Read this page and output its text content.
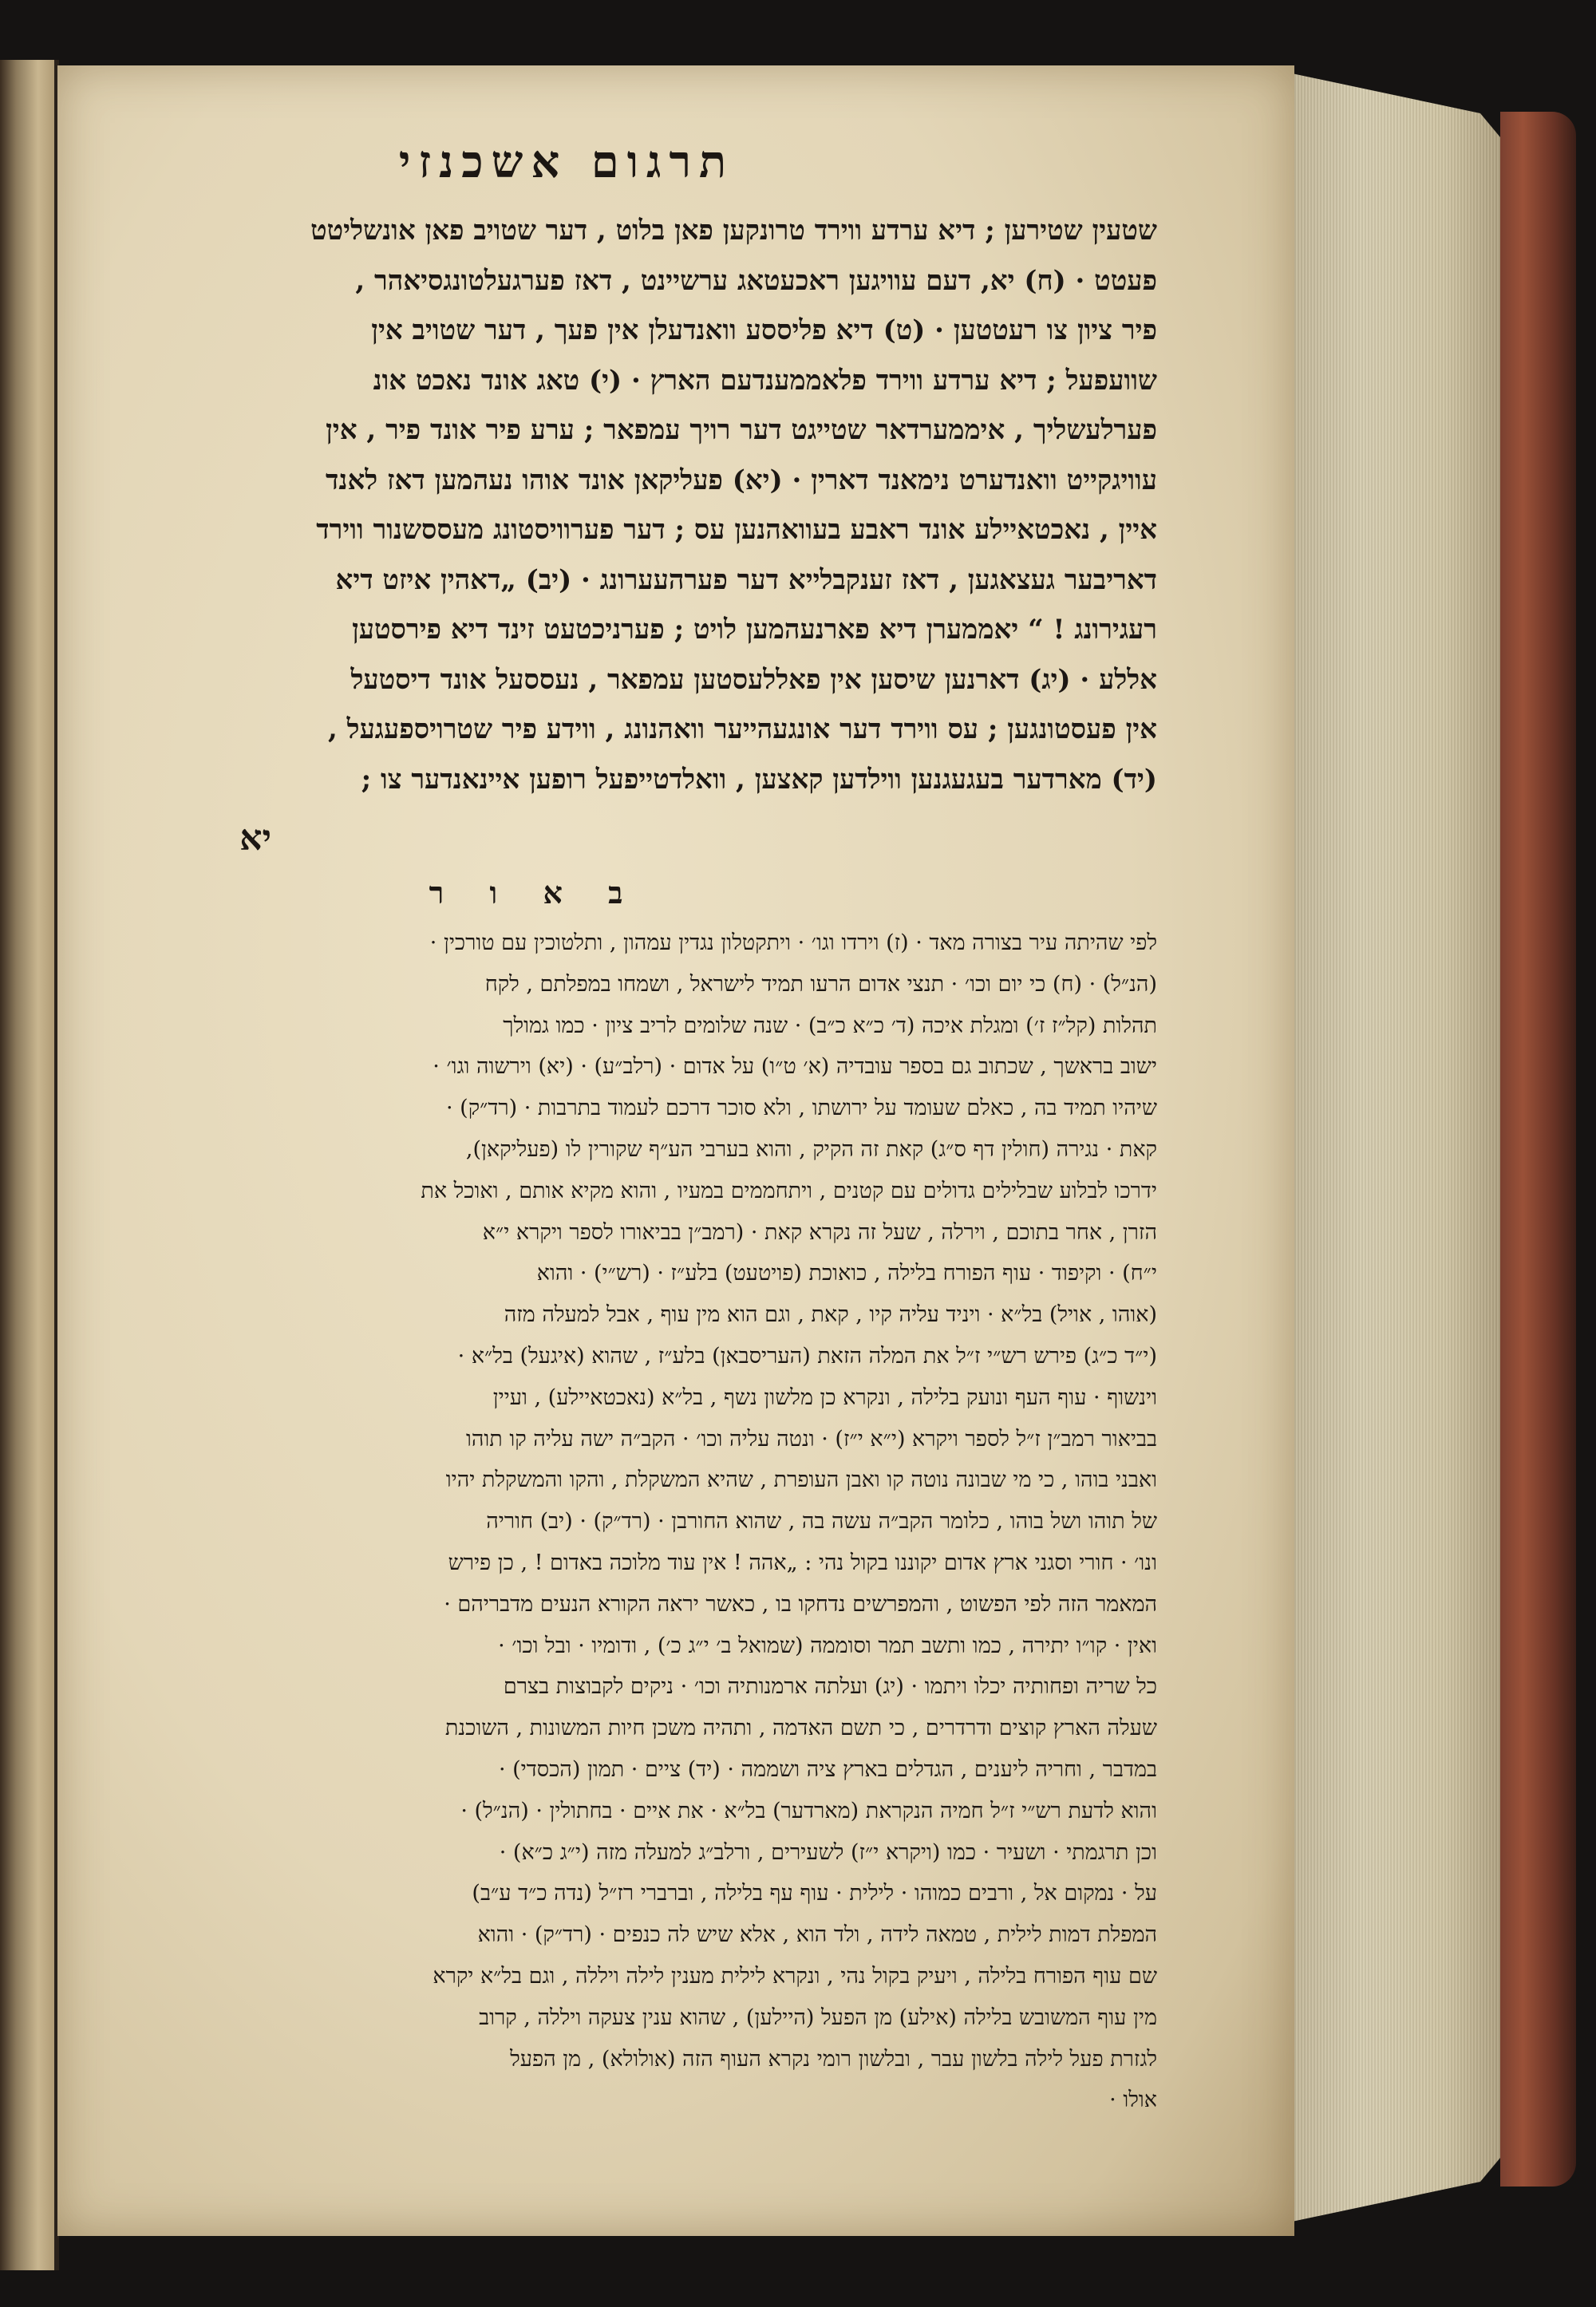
תרגום אשכנזי
שטעין שטירען ; דיא ערדע ווירד טרונקען פאן בלוט , דער שטויב פאן אונשליטט
פעטט · (ח) יא, דעם עוויגען ראכעטאג ערשיינט , דאז פערגעלטונגסיאהר ,
פיר ציון צו רעטטען · (ט) דיא פליססע וואנדעלן אין פעך , דער שטויב אין
שוועפעל ; דיא ערדע ווירד פלאממענדעם הארץ · (י) טאג אונד נאכט אונ
פערלעשליך , איממערדאר שטייגט דער רויך עמפאר ; ערע פיר אונד פיר , אין
עוויגקייט וואנדערט נימאנד דארין · (יא) פעליקאן אונד אוהו נעהמען דאז לאנד
איין , נאכטאיילע אונד ראבע בעוואהנען עס ; דער פערוויסטונג מעססשנור ווירד
דאריבער געצאגען , דאז זענקבלייא דער פערהעערונג · (יב) „דאהין איזט דיא
רעגירונג ! “ יאממערן דיא פארנעהמען לויט ; פערניכטעט זינד דיא פירסטען
אללע · (יג) דארנען שיסען אין פאללעסטען עמפאר , נעססעל אונד דיסטעל
אין פעסטונגען ; עס ווירד דער אונגעהייער וואהנונג , ווידע פיר שטרויספעגעל ,
(יד) מארדער בעגעגנען ווילדען קאצען , וואלדטייפעל רופען איינאנדער צו ;
יא
ב א ו ר
לפי שהיתה עיר בצורה מאד · (ז) וירדו וגו׳ · ויתקטלון נגדין עמהון , ותלטוכין עם טורכין ·
(הנ״ל) · (ח) כי יום וכו׳ · תנצי אדום הרעו תמיד לישראל , ושמחו במפלתם , לקח
תהלות (קל״ז ז׳) ומגלת איכה (ד׳ כ״א כ״ב) · שנה שלומים לריב ציון · כמו גמולך
ישוב בראשך , שכתוב גם בספר עובדיה (א׳ ט״ו) על אדום · (רלב״ע) · (יא) וירשוה וגו׳ ·
שיהיו תמיד בה , כאלם שעומד על ירושתו , ולא סוכר דרכם לעמוד בתרבות · (רד״ק) ·
קאת · נגירה (חולין דף ס״ג) קאת זה הקיק , והוא בערבי הע״ף שקורין לו (פעליקאן),
ידרכו לבלוע שבלילים גדולים עם קטנים , ויתחממים במעיו , והוא מקיא אותם , ואוכל את
הזרן , אחר בתוכם , וירלה , שעל זה נקרא קאת · (רמב״ן בביאורו לספר ויקרא י״א
י״ח) · וקיפוד · עוף הפורח בלילה , כואוכת (פויטעט) בלע״ז · (רש״י) · והוא
(אוהו , אויל) בל״א · ויניד עליה קיו , קאת , וגם הוא מין עוף , אבל למעלה מזה
(י״ד כ״ג) פירש רש״י ז״ל את המלה הזאת (העריסבאן) בלע״ז , שהוא (איגעל) בל״א ·
וינשוף · עוף העף ונועק בלילה , ונקרא כן מלשון נשף , בל״א (נאכטאיילע) , ועיין
בביאור רמב״ן ז״ל לספר ויקרא (י״א י״ז) · ונטה עליה וכו׳ · הקב״ה ישה עליה קו תוהו
ואבני בוהו , כי מי שבונה נוטה קו ואבן העופרת , שהיא המשקלת , והקו והמשקלת יהיו
של תוהו ושל בוהו , כלומר הקב״ה עשה בה , שהוא החורבן · (רד״ק) · (יב) חוריה
ונו׳ · חורי וסגני ארץ אדום יקוננו בקול נהי : „אהה ! אין עוד מלוכה באדום ! , כן פירש
המאמר הזה לפי הפשוט , והמפרשים נדחקו בו , כאשר יראה הקורא הנעים מדבריהם ·
ואין · קו״ו יתירה , כמו ותשב תמר וסוממה (שמואל ב׳ י״ג כ׳) , ודומיו · ובל וכו׳ ·
כל שריה ופחותיה יכלו ויתמו · (יג) ועלתה ארמנותיה וכו׳ · ניקים לקבוצות בצרם
שעלה הארץ קוצים ודרדרים , כי תשם האדמה , ותהיה משכן חיות המשונות , השוכנת
במדבר , וחריה ליענים , הגדלים בארץ ציה ושממה · (יד) ציים · תמון (הכסדי) ·
והוא לדעת רש״י ז״ל חמיה הנקראת (מארדער) בל״א · את איים · בחתולין · (הנ״ל) ·
וכן תרגמתי · ושעיר · כמו (ויקרא י״ז) לשעירים , ורלב״ג למעלה מזה (י״ג כ״א) ·
על · נמקום אל , ורבים כמוהו · לילית · עוף עף בלילה , וברברי רז״ל (נדה כ״ד ע״ב)
המפלת דמות לילית , טמאה לידה , ולד הוא , אלא שיש לה כנפים · (רד״ק) · והוא
שם עוף הפורח בלילה , ויעיק בקול נהי , ונקרא לילית מענין לילה ויללה , וגם בל״א יקרא
מין עוף המשובש בלילה (אילע) מן הפעל (היילען) , שהוא ענין צעקה ויללה , קרוב
לגזרת פעל לילה בלשון עבר , ובלשון רומי נקרא העוף הזה (אולולא) , מן הפעל
אולו ·
